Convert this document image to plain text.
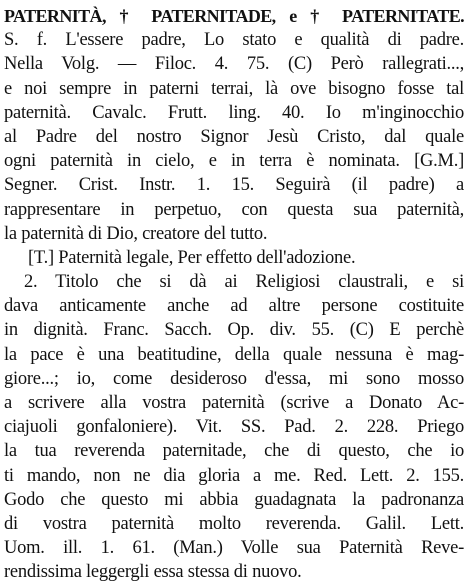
PATERNITÀ, † PATERNITADE, e † PATERNITATE.
S. f. L'essere padre, Lo stato e qualità di padre.
Nella Volg. — Filoc. 4. 75. (C) Però rallegrati...,
e noi sempre in paterni terrai, là ove bisogno fosse tal
paternità. Cavalc. Frutt. ling. 40. Io m'inginocchio
al Padre del nostro Signor Jesù Cristo, dal quale
ogni paternità in cielo, e in terra è nominata. [G.M.]
Segner. Crist. Instr. 1. 15. Seguirà (il padre) a
rappresentare in perpetuo, con questa sua paternità,
la paternità di Dio, creatore del tutto.
[T.] Paternità legale, Per effetto dell'adozione.
2. Titolo che si dà ai Religiosi claustrali, e si
dava anticamente anche ad altre persone costituite
in dignità. Franc. Sacch. Op. div. 55. (C) E perchè
la pace è una beatitudine, della quale nessuna è mag-
giore...; io, come desideroso d'essa, mi sono mosso
a scrivere alla vostra paternità (scrive a Donato Ac-
ciajuoli gonfaloniere). Vit. SS. Pad. 2. 228. Priego
la tua reverenda paternitade, che di questo, che io
ti mando, non ne dia gloria a me. Red. Lett. 2. 155.
Godo che questo mi abbia guadagnata la padronanza
di vostra paternità molto reverenda. Galil. Lett.
Uom. ill. 1. 61. (Man.) Volle sua Paternità Reve-
rendissima leggergli essa stessa di nuovo.
